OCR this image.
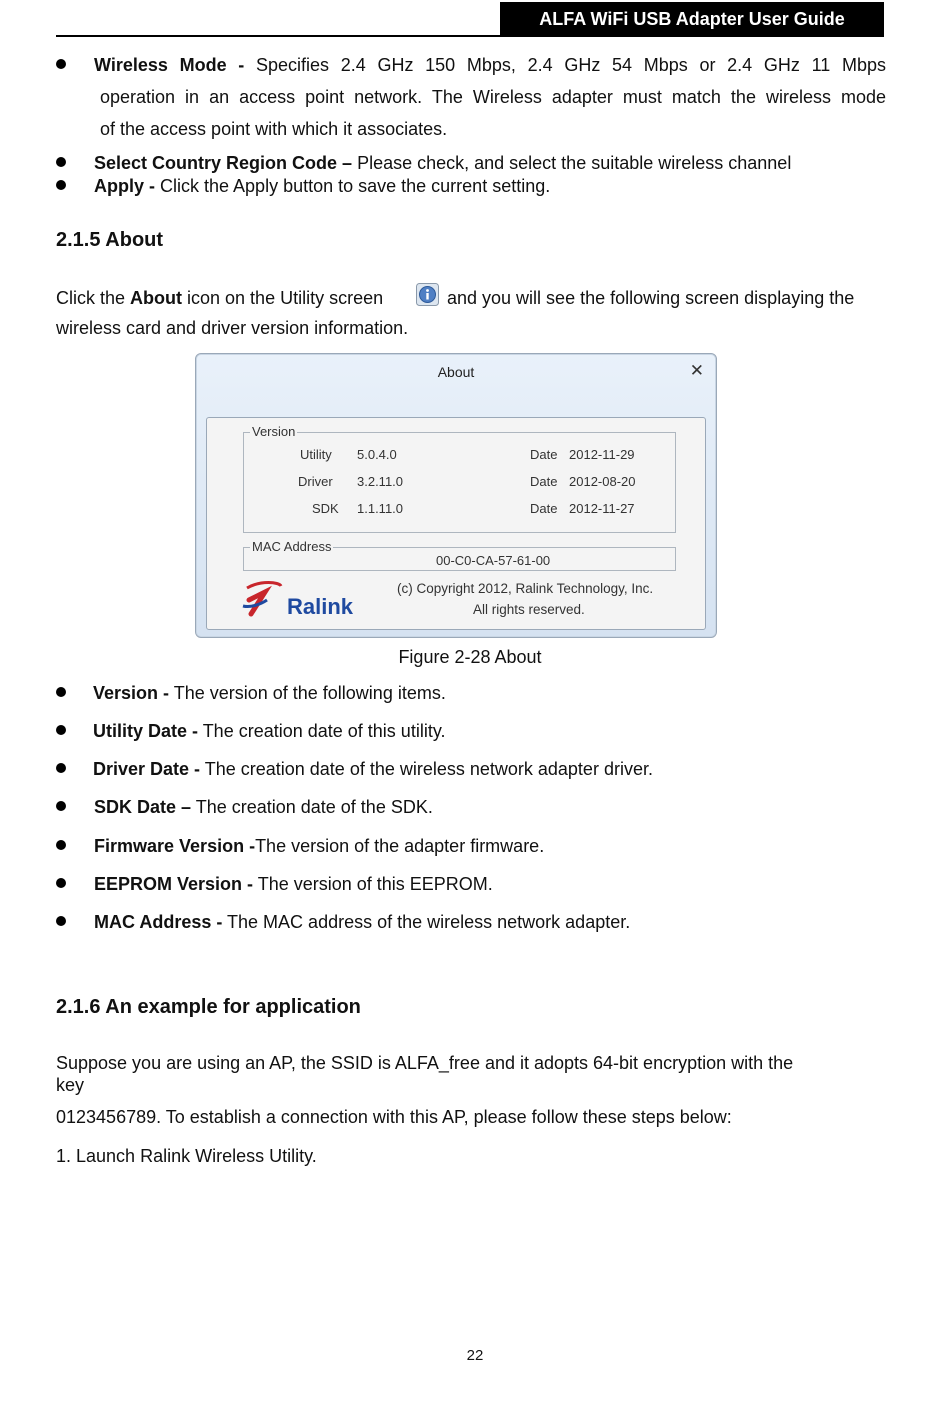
ALFA WiFi USB Adapter User Guide
Wireless Mode - Specifies 2.4 GHz 150 Mbps, 2.4 GHz 54 Mbps or 2.4 GHz 11 Mbps
operation in an access point network. The Wireless adapter must match the wireless mode
of the access point with which it associates.
Select Country Region Code – Please check, and select the suitable wireless channel
Apply - Click the Apply button to save the current setting.
2.1.5 About
Click the About icon on the Utility screen	and you will see the following screen displaying the
wireless card and driver version information.
About	✕
Version
Utility 5.0.4.0	Date 2012-11-29
Driver 3.2.11.0	Date 2012-08-20
SDK 1.1.11.0	Date 2012-11-27
MAC Address
00-C0-CA-57-61-00
Ralink
(c) Copyright 2012, Ralink Technology, Inc.
All rights reserved.
Figure 2-28 About
Version - The version of the following items.
Utility Date - The creation date of this utility.
Driver Date - The creation date of the wireless network adapter driver.
SDK Date – The creation date of the SDK.
Firmware Version -The version of the adapter firmware.
EEPROM Version - The version of this EEPROM.
MAC Address - The MAC address of the wireless network adapter.
2.1.6 An example for application
Suppose you are using an AP, the SSID is ALFA_free and it adopts 64-bit encryption with the
key
0123456789. To establish a connection with this AP, please follow these steps below:
1. Launch Ralink Wireless Utility.
22
